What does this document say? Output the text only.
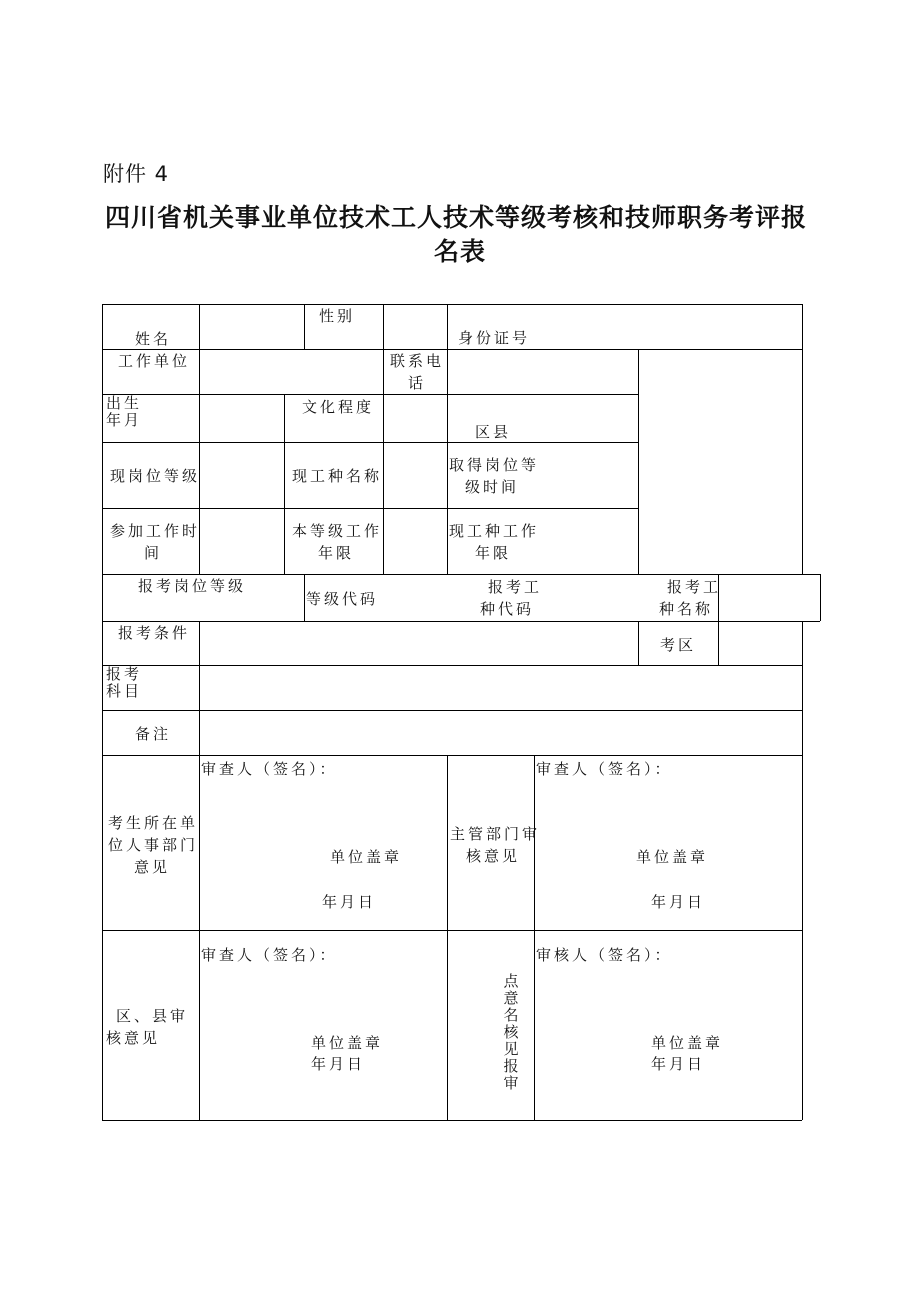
附件 4
四川省机关事业单位技术工人技术等级考核和技师职务考评报
名表
姓名
性别
身份证号
工作单位	联系电
话
出生
年月
文化程度
区县
现岗位等级	现工种名称
取得岗位等
级时间
参加工作时
间
本等级工作
年限
现工种工作
年限
报考岗位等级
等级代码
报考工
种代码
报考工
种名称
报考条件
考区
报考
科目
备注
考生所在单
位人事部门
意见
审查人（签名）：
单位盖章
年月日
主管部门审
核意见
审查人（签名）：
单位盖章
年月日
区、县审
核意见
审查人（签名）：
单位盖章
年月日
点
意
名
核
见
报
审
审核人（签名）：
单位盖章
年月日
